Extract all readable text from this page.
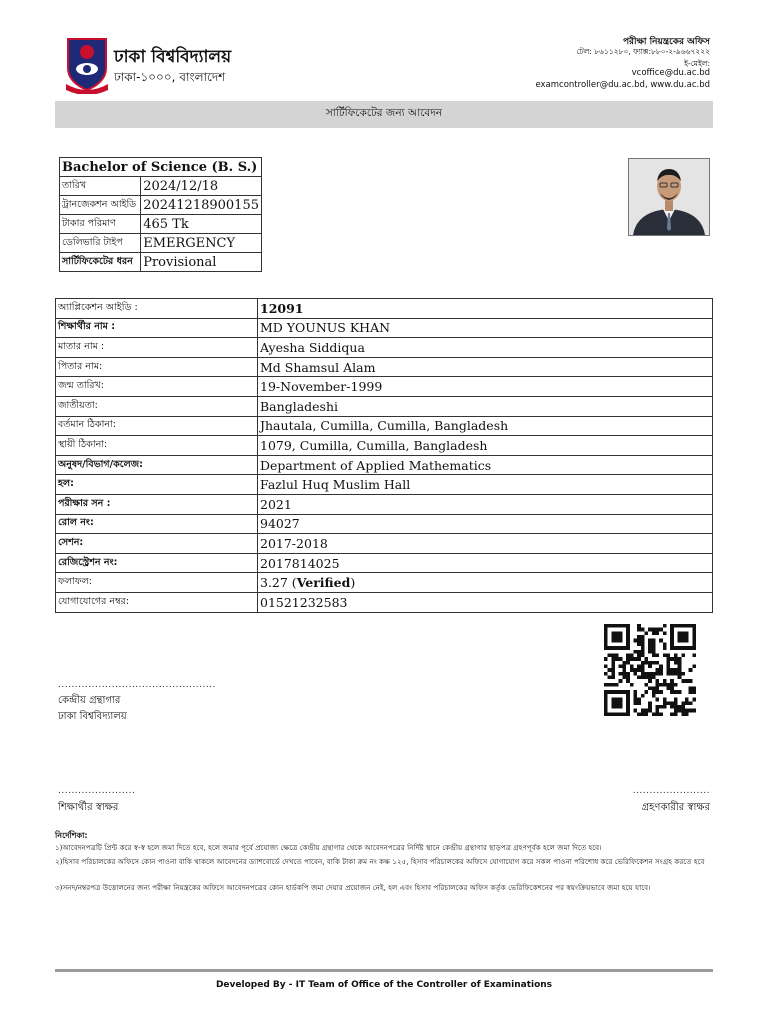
ঢাকা বিশ্ববিদ্যালয়
ঢাকা-১০০০, বাংলাদেশ
পরীক্ষা নিয়ন্ত্রকের অফিস
টেল: ৮৬১১২৮০, ফ্যাক্স:৮৮০-২-৯৬৬৭২২২
ই-মেইল:
vcoffice@du.ac.bd
examcontroller@du.ac.bd, www.du.ac.bd
সার্টিফিকেটের জন্য আবেদন
Bachelor of Science (B. S.)	
তারিখ	2024/12/18
ট্রানজেকশন আইডি	20241218900155
টাকার পরিমাণ	465 Tk
ডেলিভারি টাইপ	EMERGENCY
সার্টিফিকেটের ধরন	Provisional
অ্যাপ্লিকেশন আইডি :	12091
শিক্ষার্থীর নাম :	MD YOUNUS KHAN
মাতার নাম :	Ayesha Siddiqua
পিতার নাম:	Md Shamsul Alam
জন্ম তারিখ:	19-November-1999
জাতীয়তা:	Bangladeshi
বর্তমান ঠিকানা:	Jhautala, Cumilla, Cumilla, Bangladesh
স্থায়ী ঠিকানা:	1079, Cumilla, Cumilla, Bangladesh
অনুষদ/বিভাগ/কলেজ:	Department of Applied Mathematics
হল:	Fazlul Huq Muslim Hall
পরীক্ষার সন :	2021
রোল নং:	94027
সেশন:	2017-2018
রেজিস্ট্রেশন নং:	2017814025
ফলাফল:	3.27 (Verified)
যোগাযোগের নম্বর:	01521232583
...............................................
কেন্দ্রীয় গ্রন্থাগার
ঢাকা বিশ্ববিদ্যালয়
.......................
শিক্ষার্থীর স্বাক্ষর
.......................
গ্রহণকারীর স্বাক্ষর
নির্দেশিকা:
১)আবেদনপত্রটি প্রিন্ট করে স্ব-স্ব হলে জমা দিতে হবে, হলে জমার পূর্বে প্রযোজ্য ক্ষেত্রে কেন্দ্রীয় গ্রন্থাগার থেকে আবেদনপত্রের নির্দিষ্ট স্থানে কেন্দ্রীয় গ্রন্থাগার ছাড়পত্র গ্রহণপূর্বক হলে জমা দিতে হবে।
২)হিসাব পরিচালকের অফিসে কোন পাওনা বাকি থাকলে আবেদনের ড্যাশবোর্ডে দেখতে পাবেন, বাকি টাকা রুম নং কক্ষ ১২৫, হিসাব পরিচালকের অফিসে যোগাযোগ করে সকল পাওনা পরিশোধ করে ভেরিফিকেশন সংগ্রহ করতে হবে
৩)সনদ/নম্বরপত্র উত্তোলনের জন্য পরীক্ষা নিয়ন্ত্রকের অফিসে আবেদনপত্রের কোন হার্ডকপি জমা দেয়ার প্রয়োজন নেই, হল এবং হিসাব পরিচালকের অফিস কর্তৃক ভেরিফিকেশনের পর স্বয়ংক্রিয়ভাবে জমা হয়ে যাবে।
Developed By - IT Team of Office of the Controller of Examinations
